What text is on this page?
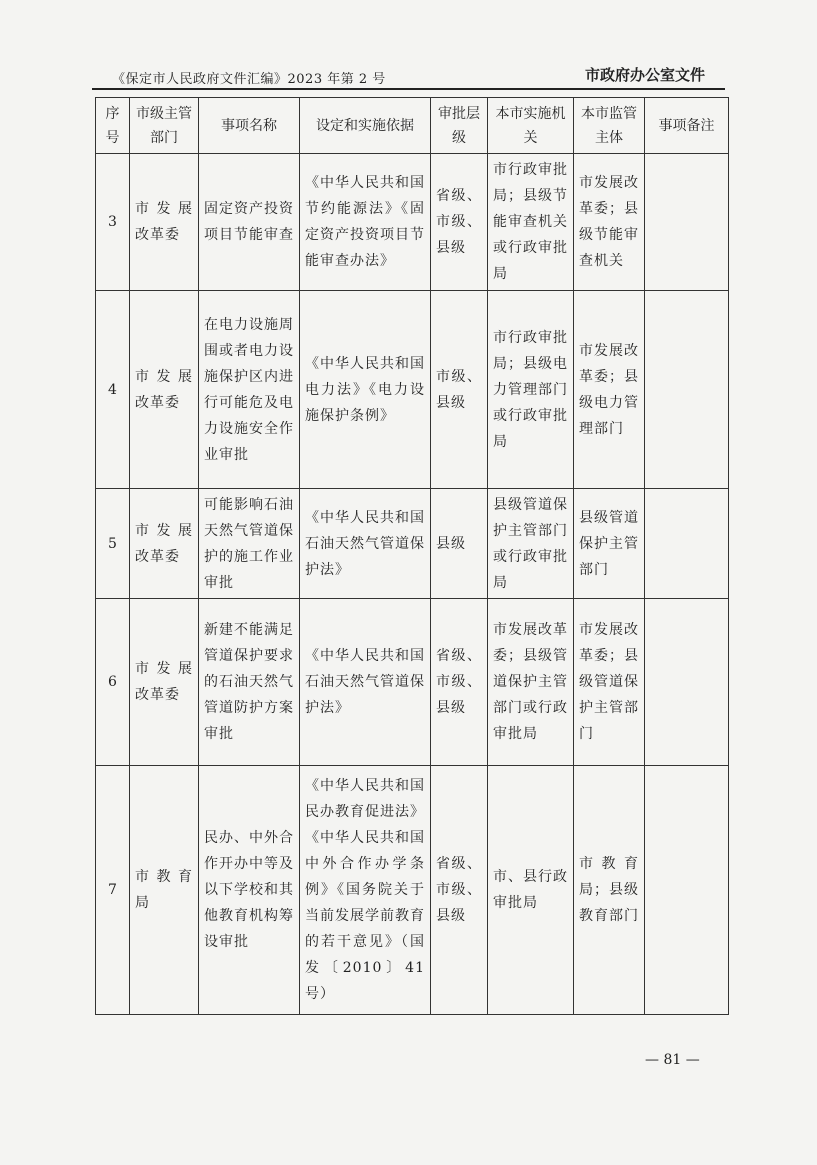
《保定市人民政府文件汇编》2023 年第 2 号	市政府办公室文件
序号	市级主管部门	事项名称	设定和实施依据	审批层级	本市实施机关	本市监管主体	事项备注
3	市发展改革委	固定资产投资项目节能审查	《中华人民共和国节约能源法》《固定资产投资项目节能审查办法》	省级、市级、县级	市行政审批局；县级节能审查机关或行政审批局	市发展改革委；县级节能审查机关	
4	市发展改革委	在电力设施周围或者电力设施保护区内进行可能危及电力设施安全作业审批	《中华人民共和国电力法》《电力设施保护条例》	市级、县级	市行政审批局；县级电力管理部门或行政审批局	市发展改革委；县级电力管理部门	
5	市发展改革委	可能影响石油天然气管道保护的施工作业审批	《中华人民共和国石油天然气管道保护法》	县级	县级管道保护主管部门或行政审批局	县级管道保护主管部门	
6	市发展改革委	新建不能满足管道保护要求的石油天然气管道防护方案审批	《中华人民共和国石油天然气管道保护法》	省级、市级、县级	市发展改革委；县级管道保护主管部门或行政审批局	市发展改革委；县级管道保护主管部门	
7	市教育局	民办、中外合作开办中等及以下学校和其他教育机构筹设审批	《中华人民共和国民办教育促进法》《中华人民共和国中外合作办学条例》《国务院关于当前发展学前教育的若干意见》（国发〔2010〕41 号）	省级、市级、县级	市、县行政审批局	市教育局；县级教育部门	
— 81 —
